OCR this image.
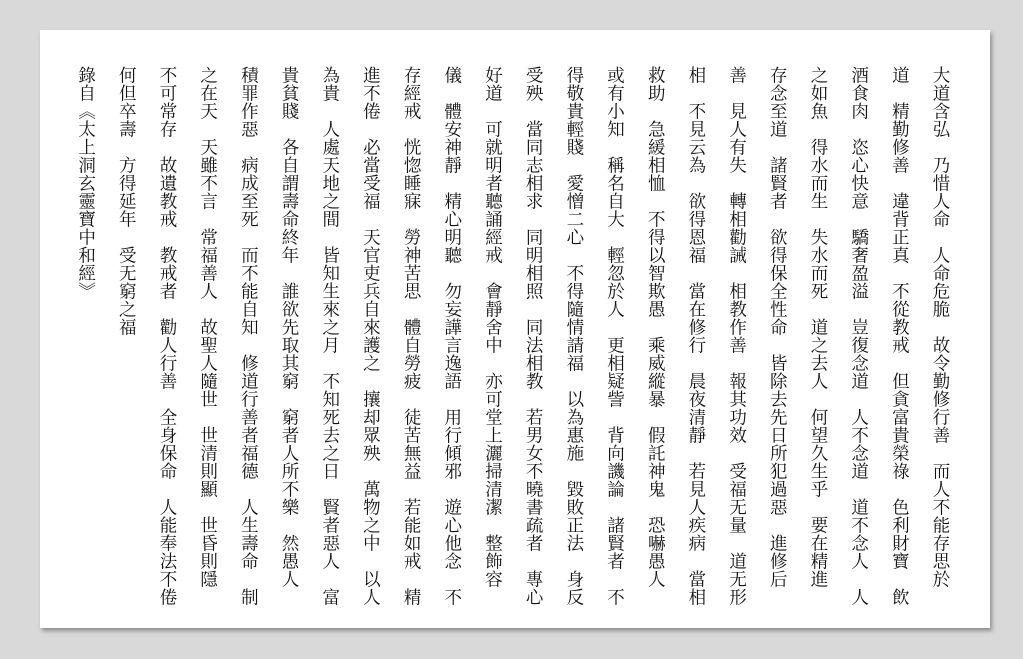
大道含弘　乃惜人命　人命危脆　故令勤修行善　而人不能存思於
道　精勤修善　違背正真　不從教戒　但貪富貴榮祿　色利財寶　飲
酒食肉　恣心快意　驕奢盈溢　豈復念道　人不念道　道不念人　人
之如魚　得水而生　失水而死　道之去人　何望久生乎　要在精進
存念至道　諸賢者　欲得保全性命　皆除去先日所犯過惡　進修后
善　見人有失　轉相勸誡　相教作善　報其功效　受福无量　道无形
相　不見云為　欲得恩福　當在修行　晨夜清靜　若見人疾病　當相
救助　急緩相恤　不得以智欺愚　乘威縱暴　假託神鬼　恐嚇愚人
或有小知　稱名自大　輕忽於人　更相疑訾　背向譏論　諸賢者　不
得敬貴輕賤　愛憎二心　不得隨情請福　以為惠施　毀敗正法　身反
受殃　當同志相求　同明相照　同法相教　若男女不曉書疏者　專心
好道　可就明者聽誦經戒　會靜舍中　亦可堂上灑掃清潔　整飾容
儀　體安神靜　精心明聽　勿妄譁言逸語　用行傾邪　遊心他念　不
存經戒　恍惚睡寐　勞神苦思　體自勞疲　徒苦無益　若能如戒　精
進不倦　必當受福　天官吏兵自來護之　攘却眾殃　萬物之中　以人
為貴　人處天地之間　皆知生來之月　不知死去之日　賢者惡人　富
貴貧賤　各自謂壽命終年　誰欲先取其窮　窮者人所不樂　然愚人
積罪作惡　病成至死　而不能自知　修道行善者福德　人生壽命　制
之在天　天雖不言　常福善人　故聖人隨世　世清則顯　世昏則隱
不可常存　故遺教戒　教戒者　勸人行善　全身保命　人能奉法不倦
何但卒壽　方得延年　受无窮之福
錄自《太上洞玄靈寶中和經》
